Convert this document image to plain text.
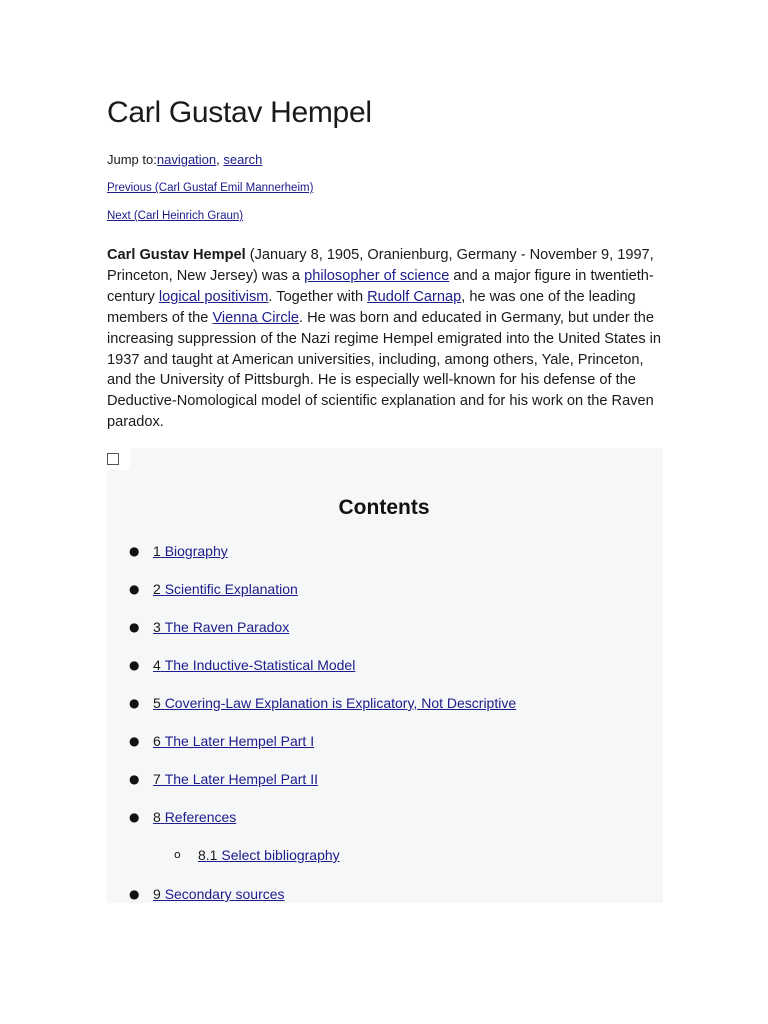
Carl Gustav Hempel
Jump to:navigation, search
Previous (Carl Gustaf Emil Mannerheim)
Next (Carl Heinrich Graun)

Carl Gustav Hempel (January 8, 1905, Oranienburg, Germany - November 9, 1997, Princeton, New Jersey) was a philosopher of science and a major figure in twentieth-century logical positivism. Together with Rudolf Carnap, he was one of the leading members of the Vienna Circle. He was born and educated in Germany, but under the increasing suppression of the Nazi regime Hempel emigrated into the United States in 1937 and taught at American universities, including, among others, Yale, Princeton, and the University of Pittsburgh. He is especially well-known for his defense of the Deductive-Nomological model of scientific explanation and for his work on the Raven paradox.

Contents
● 1 Biography
● 2 Scientific Explanation
● 3 The Raven Paradox
● 4 The Inductive-Statistical Model
● 5 Covering-Law Explanation is Explicatory, Not Descriptive
● 6 The Later Hempel Part I
● 7 The Later Hempel Part II
● 8 References
o 8.1 Select bibliography
● 9 Secondary sources
